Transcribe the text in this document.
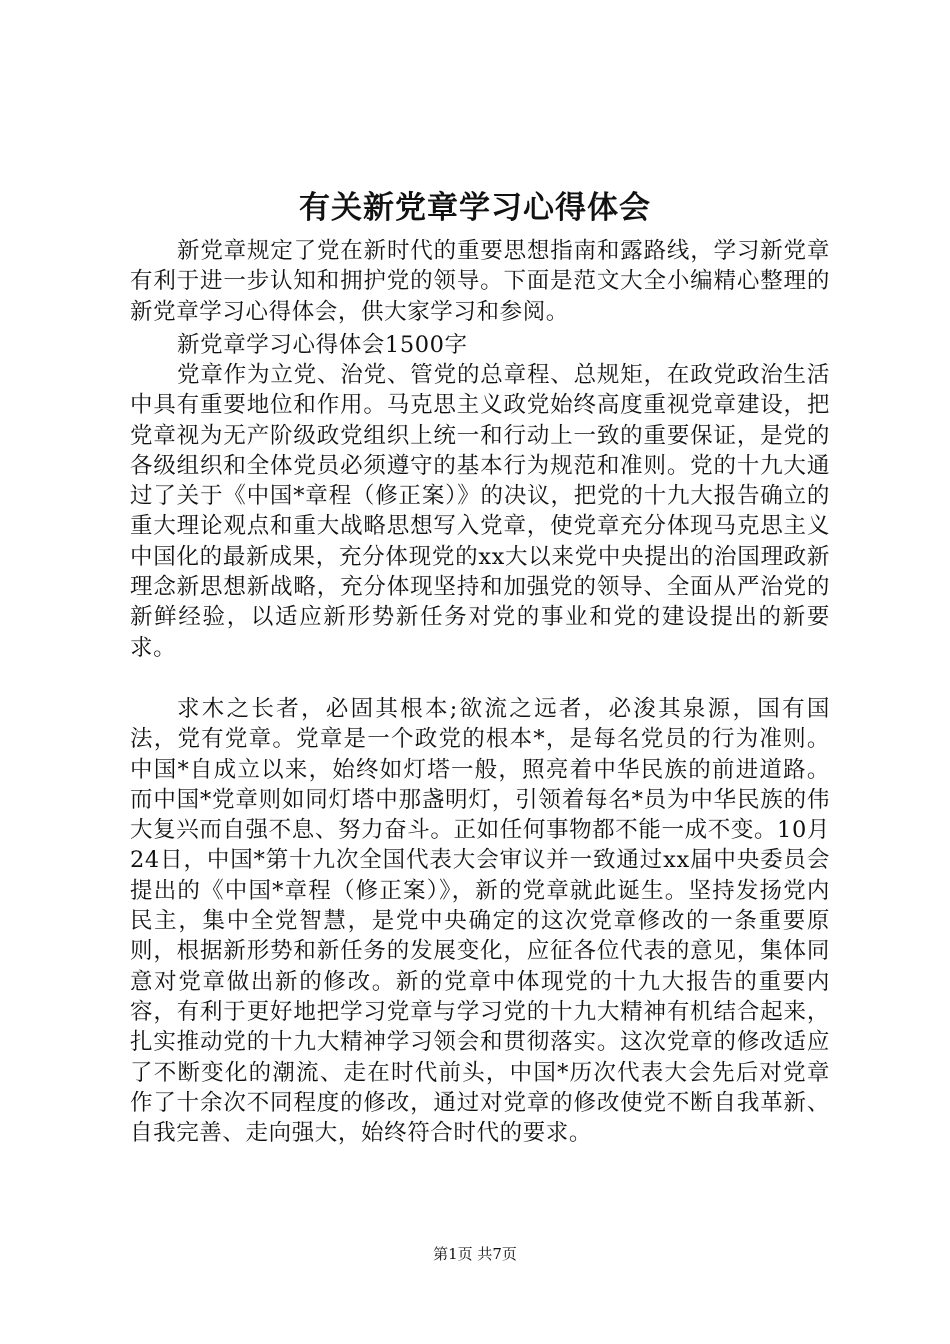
有关新党章学习心得体会

新党章规定了党在新时代的重要思想指南和露路线，学习新党章有利于进一步认知和拥护党的领导。下面是范文大全小编精心整理的新党章学习心得体会，供大家学习和参阅。

新党章学习心得体会1500字

党章作为立党、治党、管党的总章程、总规矩，在政党政治生活中具有重要地位和作用。马克思主义政党始终高度重视党章建设，把党章视为无产阶级政党组织上统一和行动上一致的重要保证，是党的各级组织和全体党员必须遵守的基本行为规范和准则。党的十九大通过了关于《中国*章程（修正案）》的决议，把党的十九大报告确立的重大理论观点和重大战略思想写入党章，使党章充分体现马克思主义中国化的最新成果，充分体现党的xx大以来党中央提出的治国理政新理念新思想新战略，充分体现坚持和加强党的领导、全面从严治党的新鲜经验，以适应新形势新任务对党的事业和党的建设提出的新要求。

求木之长者，必固其根本;欲流之远者，必浚其泉源，国有国法，党有党章。党章是一个政党的根本*，是每名党员的行为准则。中国*自成立以来，始终如灯塔一般，照亮着中华民族的前进道路。而中国*党章则如同灯塔中那盏明灯，引领着每名*员为中华民族的伟大复兴而自强不息、努力奋斗。正如任何事物都不能一成不变。10月24日，中国*第十九次全国代表大会审议并一致通过xx届中央委员会提出的《中国*章程（修正案）》，新的党章就此诞生。坚持发扬党内民主，集中全党智慧，是党中央确定的这次党章修改的一条重要原则，根据新形势和新任务的发展变化，应征各位代表的意见，集体同意对党章做出新的修改。新的党章中体现党的十九大报告的重要内容，有利于更好地把学习党章与学习党的十九大精神有机结合起来，扎实推动党的十九大精神学习领会和贯彻落实。这次党章的修改适应了不断变化的潮流、走在时代前头，中国*历次代表大会先后对党章作了十余次不同程度的修改，通过对党章的修改使党不断自我革新、自我完善、走向强大，始终符合时代的要求。

第1页 共7页
